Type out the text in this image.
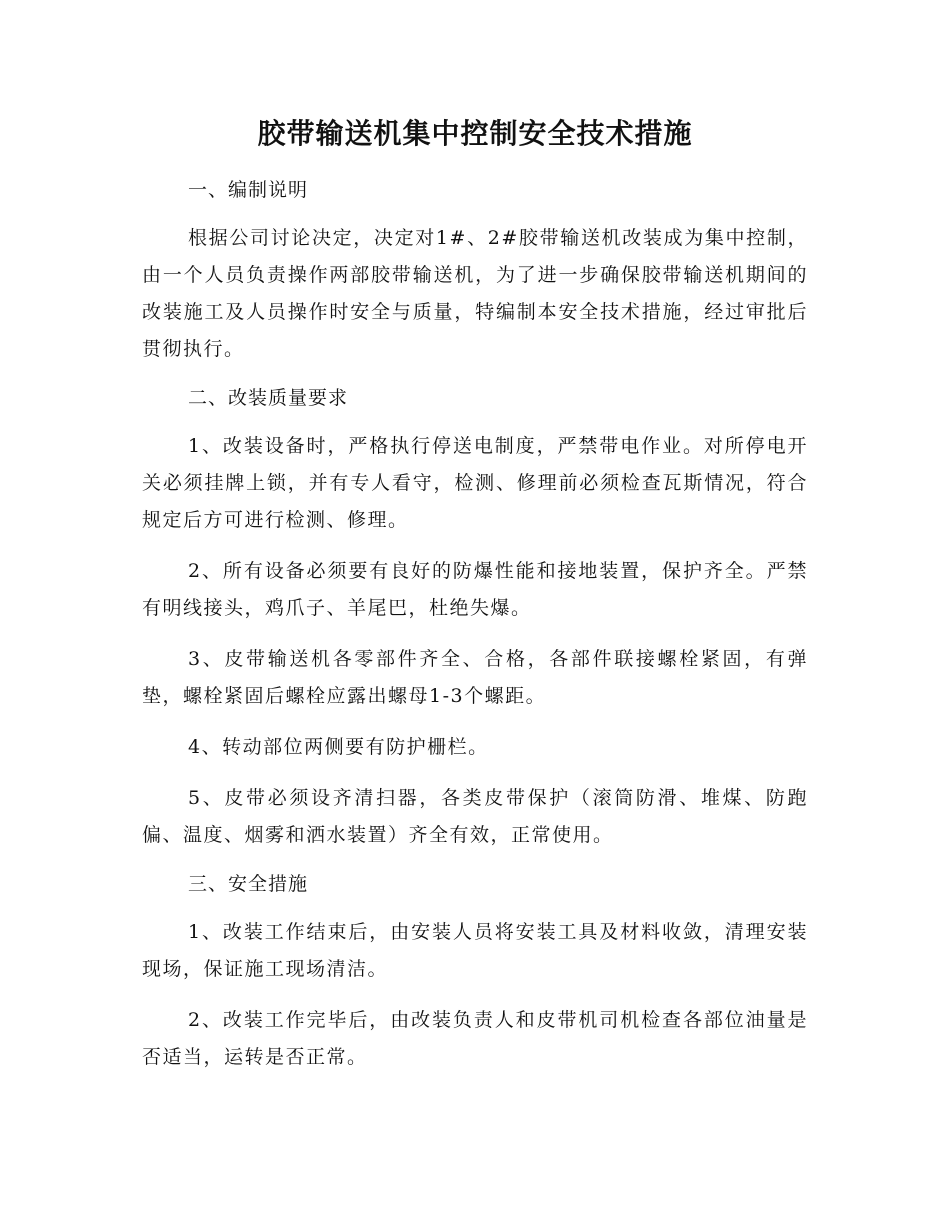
胶带输送机集中控制安全技术措施

一、编制说明

根据公司讨论决定，决定对1#、2#胶带输送机改装成为集中控制，由一个人员负责操作两部胶带输送机，为了进一步确保胶带输送机期间的改装施工及人员操作时安全与质量，特编制本安全技术措施，经过审批后贯彻执行。

二、改装质量要求

1、改装设备时，严格执行停送电制度，严禁带电作业。对所停电开关必须挂牌上锁，并有专人看守，检测、修理前必须检查瓦斯情况，符合规定后方可进行检测、修理。

2、所有设备必须要有良好的防爆性能和接地装置，保护齐全。严禁有明线接头，鸡爪子、羊尾巴，杜绝失爆。

3、皮带输送机各零部件齐全、合格，各部件联接螺栓紧固，有弹垫，螺栓紧固后螺栓应露出螺母1-3个螺距。

4、转动部位两侧要有防护栅栏。

5、皮带必须设齐清扫器，各类皮带保护（滚筒防滑、堆煤、防跑偏、温度、烟雾和洒水装置）齐全有效，正常使用。

三、安全措施

1、改装工作结束后，由安装人员将安装工具及材料收敛，清理安装现场，保证施工现场清洁。

2、改装工作完毕后，由改装负责人和皮带机司机检查各部位油量是否适当，运转是否正常。
